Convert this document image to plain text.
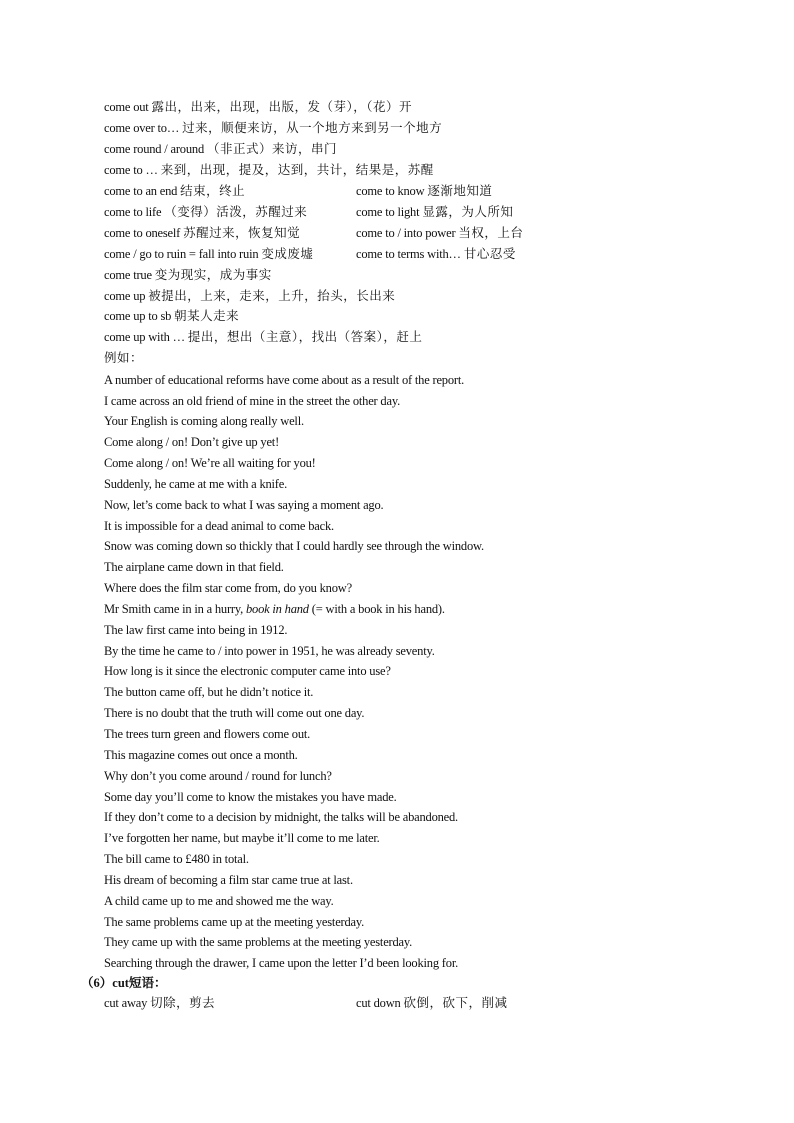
come out 露出，出来，出现，出版，发（芽），（花）开
come over to… 过来，顺便来访，从一个地方来到另一个地方
come round / around （非正式）来访，串门
come to … 来到，出现，提及，达到，共计，结果是，苏醒
come to an end 结束，终止	come to know 逐渐地知道
come to life （变得）活泼，苏醒过来	come to light 显露，为人所知
come to oneself 苏醒过来，恢复知觉	come to / into power 当权，上台
come / go to ruin = fall into ruin 变成废墟	come to terms with… 甘心忍受
come true 变为现实，成为事实
come up 被提出，上来，走来，上升，抬头，长出来
come up to sb 朝某人走来
come up with … 提出，想出（主意），找出（答案），赶上
例如：
A number of educational reforms have come about as a result of the report.
I came across an old friend of mine in the street the other day.
Your English is coming along really well.
Come along / on! Don’t give up yet!
Come along / on! We’re all waiting for you!
Suddenly, he came at me with a knife.
Now, let’s come back to what I was saying a moment ago.
It is impossible for a dead animal to come back.
Snow was coming down so thickly that I could hardly see through the window.
The airplane came down in that field.
Where does the film star come from, do you know?
Mr Smith came in in a hurry, book in hand (= with a book in his hand).
The law first came into being in 1912.
By the time he came to / into power in 1951, he was already seventy.
How long is it since the electronic computer came into use?
The button came off, but he didn’t notice it.
There is no doubt that the truth will come out one day.
The trees turn green and flowers come out.
This magazine comes out once a month.
Why don’t you come around / round for lunch?
Some day you’ll come to know the mistakes you have made.
If they don’t come to a decision by midnight, the talks will be abandoned.
I’ve forgotten her name, but maybe it’ll come to me later.
The bill came to £480 in total.
His dream of becoming a film star came true at last.
A child came up to me and showed me the way.
The same problems came up at the meeting yesterday.
They came up with the same problems at the meeting yesterday.
Searching through the drawer, I came upon the letter I’d been looking for.
（6）cut短语：
cut away 切除，剪去	cut down 砍倒，砍下，削减
